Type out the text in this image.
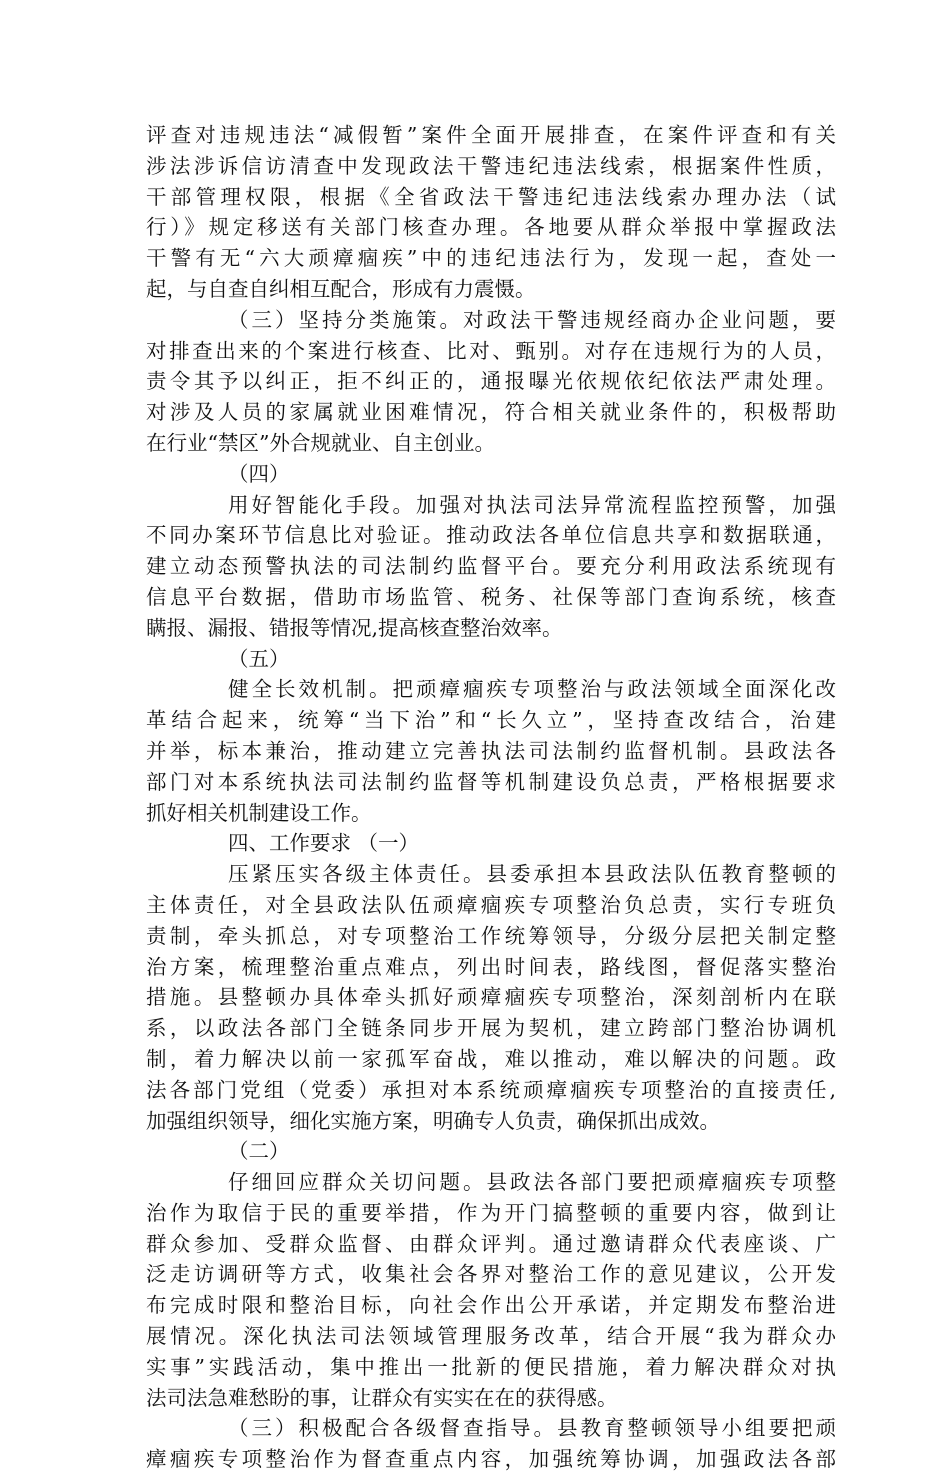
评查对违规违法“减假暂”案件全面开展排查，在案件评查和有关
涉法涉诉信访清查中发现政法干警违纪违法线索，根据案件性质，
干部管理权限，根据《全省政法干警违纪违法线索办理办法（试
行）》规定移送有关部门核查办理。各地要从群众举报中掌握政法
干警有无“六大顽瘴痼疾”中的违纪违法行为，发现一起，查处一
起，与自查自纠相互配合，形成有力震慑。
（三）坚持分类施策。对政法干警违规经商办企业问题，要
对排查出来的个案进行核查、比对、甄别。对存在违规行为的人员，
责令其予以纠正，拒不纠正的，通报曝光依规依纪依法严肃处理。
对涉及人员的家属就业困难情况，符合相关就业条件的，积极帮助
在行业“禁区”外合规就业、自主创业。
（四）
用好智能化手段。加强对执法司法异常流程监控预警，加强
不同办案环节信息比对验证。推动政法各单位信息共享和数据联通，
建立动态预警执法的司法制约监督平台。要充分利用政法系统现有
信息平台数据，借助市场监管、税务、社保等部门查询系统，核查
瞒报、漏报、错报等情况,提高核查整治效率。
（五）
健全长效机制。把顽瘴痼疾专项整治与政法领域全面深化改
革结合起来，统筹“当下治”和“长久立”，坚持查改结合，治建
并举，标本兼治，推动建立完善执法司法制约监督机制。县政法各
部门对本系统执法司法制约监督等机制建设负总责，严格根据要求
抓好相关机制建设工作。
四、工作要求 （一）
压紧压实各级主体责任。县委承担本县政法队伍教育整顿的
主体责任，对全县政法队伍顽瘴痼疾专项整治负总责，实行专班负
责制，牵头抓总，对专项整治工作统筹领导，分级分层把关制定整
治方案，梳理整治重点难点，列出时间表，路线图，督促落实整治
措施。县整顿办具体牵头抓好顽瘴痼疾专项整治，深刻剖析内在联
系，以政法各部门全链条同步开展为契机，建立跨部门整治协调机
制，着力解决以前一家孤军奋战，难以推动，难以解决的问题。政
法各部门党组（党委）承担对本系统顽瘴痼疾专项整治的直接责任,
加强组织领导，细化实施方案，明确专人负责，确保抓出成效。
（二）
仔细回应群众关切问题。县政法各部门要把顽瘴痼疾专项整
治作为取信于民的重要举措，作为开门搞整顿的重要内容，做到让
群众参加、受群众监督、由群众评判。通过邀请群众代表座谈、广
泛走访调研等方式，收集社会各界对整治工作的意见建议，公开发
布完成时限和整治目标，向社会作出公开承诺，并定期发布整治进
展情况。深化执法司法领域管理服务改革，结合开展“我为群众办
实事”实践活动，集中推出一批新的便民措施，着力解决群众对执
法司法急难愁盼的事，让群众有实实在在的获得感。
（三）积极配合各级督查指导。县教育整顿领导小组要把顽
瘴痼疾专项整治作为督查重点内容，加强统筹协调，加强政法各部
